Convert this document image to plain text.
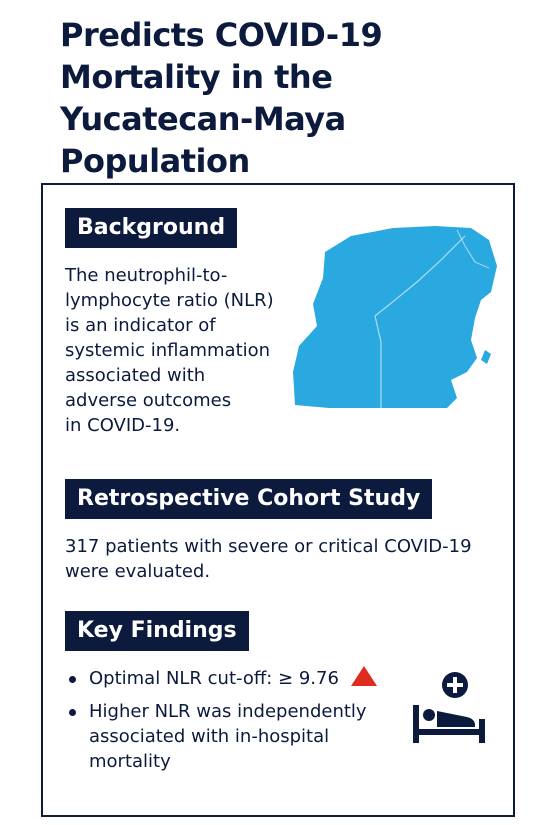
Predicts COVID-19
Mortality in the
Yucatecan-Maya
Population
Background

The neutrophil-to-
lymphocyte ratio (NLR)
is an indicator of
systemic inflammation
associated with
adverse outcomes
in COVID-19.

Retrospective Cohort Study

317 patients with severe or critical COVID-19 were evaluated.

Key Findings
Optimal NLR cut-off: ≥ 9.76
Higher NLR was independently associated with in-hospital mortality
